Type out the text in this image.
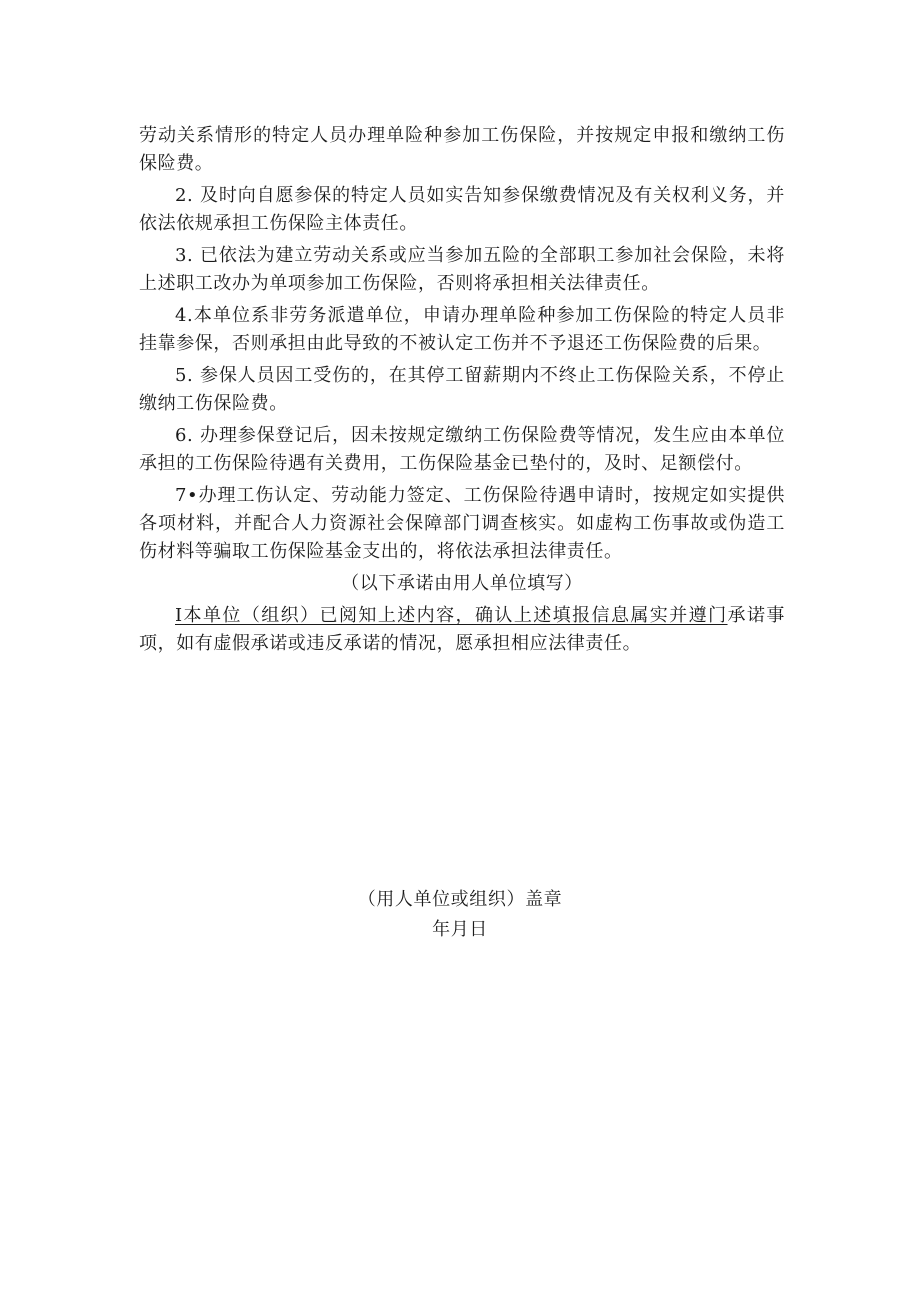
劳动关系情形的特定人员办理单险种参加工伤保险，并按规定申报和缴纳工伤保险费。

2. 及时向自愿参保的特定人员如实告知参保缴费情况及有关权利义务，并依法依规承担工伤保险主体责任。

3. 已依法为建立劳动关系或应当参加五险的全部职工参加社会保险，未将上述职工改办为单项参加工伤保险，否则将承担相关法律责任。

4.本单位系非劳务派遣单位，申请办理单险种参加工伤保险的特定人员非挂靠参保，否则承担由此导致的不被认定工伤并不予退还工伤保险费的后果。

5. 参保人员因工受伤的，在其停工留薪期内不终止工伤保险关系，不停止缴纳工伤保险费。

6. 办理参保登记后，因未按规定缴纳工伤保险费等情况，发生应由本单位承担的工伤保险待遇有关费用，工伤保险基金已垫付的，及时、足额偿付。

7•办理工伤认定、劳动能力签定、工伤保险待遇申请时，按规定如实提供各项材料，并配合人力资源社会保障部门调查核实。如虚构工伤事故或伪造工伤材料等骗取工伤保险基金支出的，将依法承担法律责任。

（以下承诺由用人单位填写）

I本单位（组织）已阅知上述内容，确认上述填报信息属实并遵门承诺事项，如有虚假承诺或违反承诺的情况，愿承担相应法律责任。

（用人单位或组织）盖章
年月日
